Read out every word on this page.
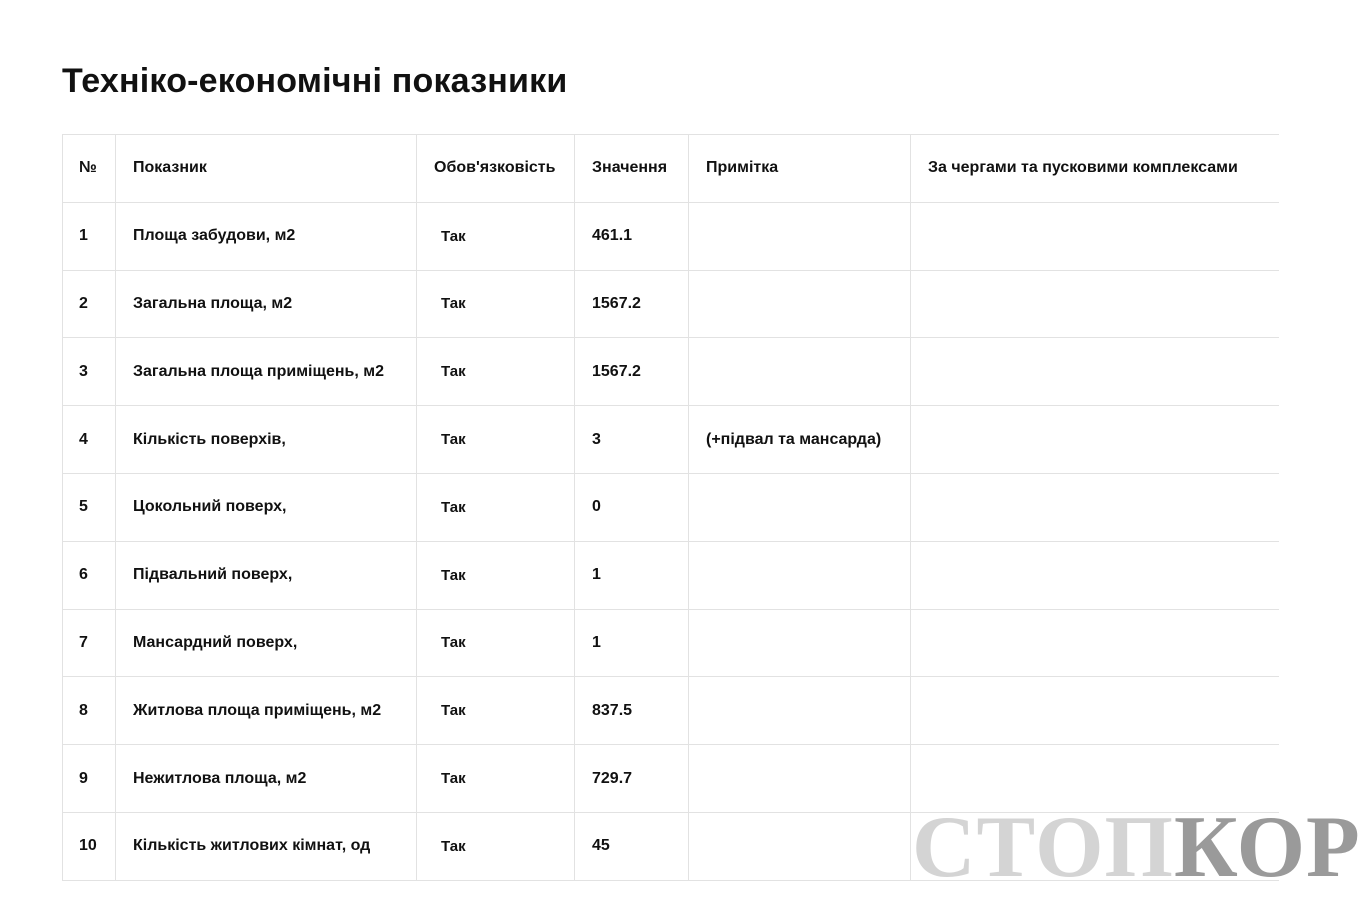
Техніко-економічні показники
№	Показник	Обов'язковість	Значення	Примітка	За чергами та пусковими комплексами
1	Площа забудови, м2	Так	461.1		
2	Загальна площа, м2	Так	1567.2		
3	Загальна площа приміщень, м2	Так	1567.2		
4	Кількість поверхів,	Так	3	(+підвал та мансарда)	
5	Цокольний поверх,	Так	0		
6	Підвальний поверх,	Так	1		
7	Мансардний поверх,	Так	1		
8	Житлова площа приміщень, м2	Так	837.5		
9	Нежитлова площа, м2	Так	729.7		
10	Кількість житлових кімнат, од	Так	45			СТОПКОР
